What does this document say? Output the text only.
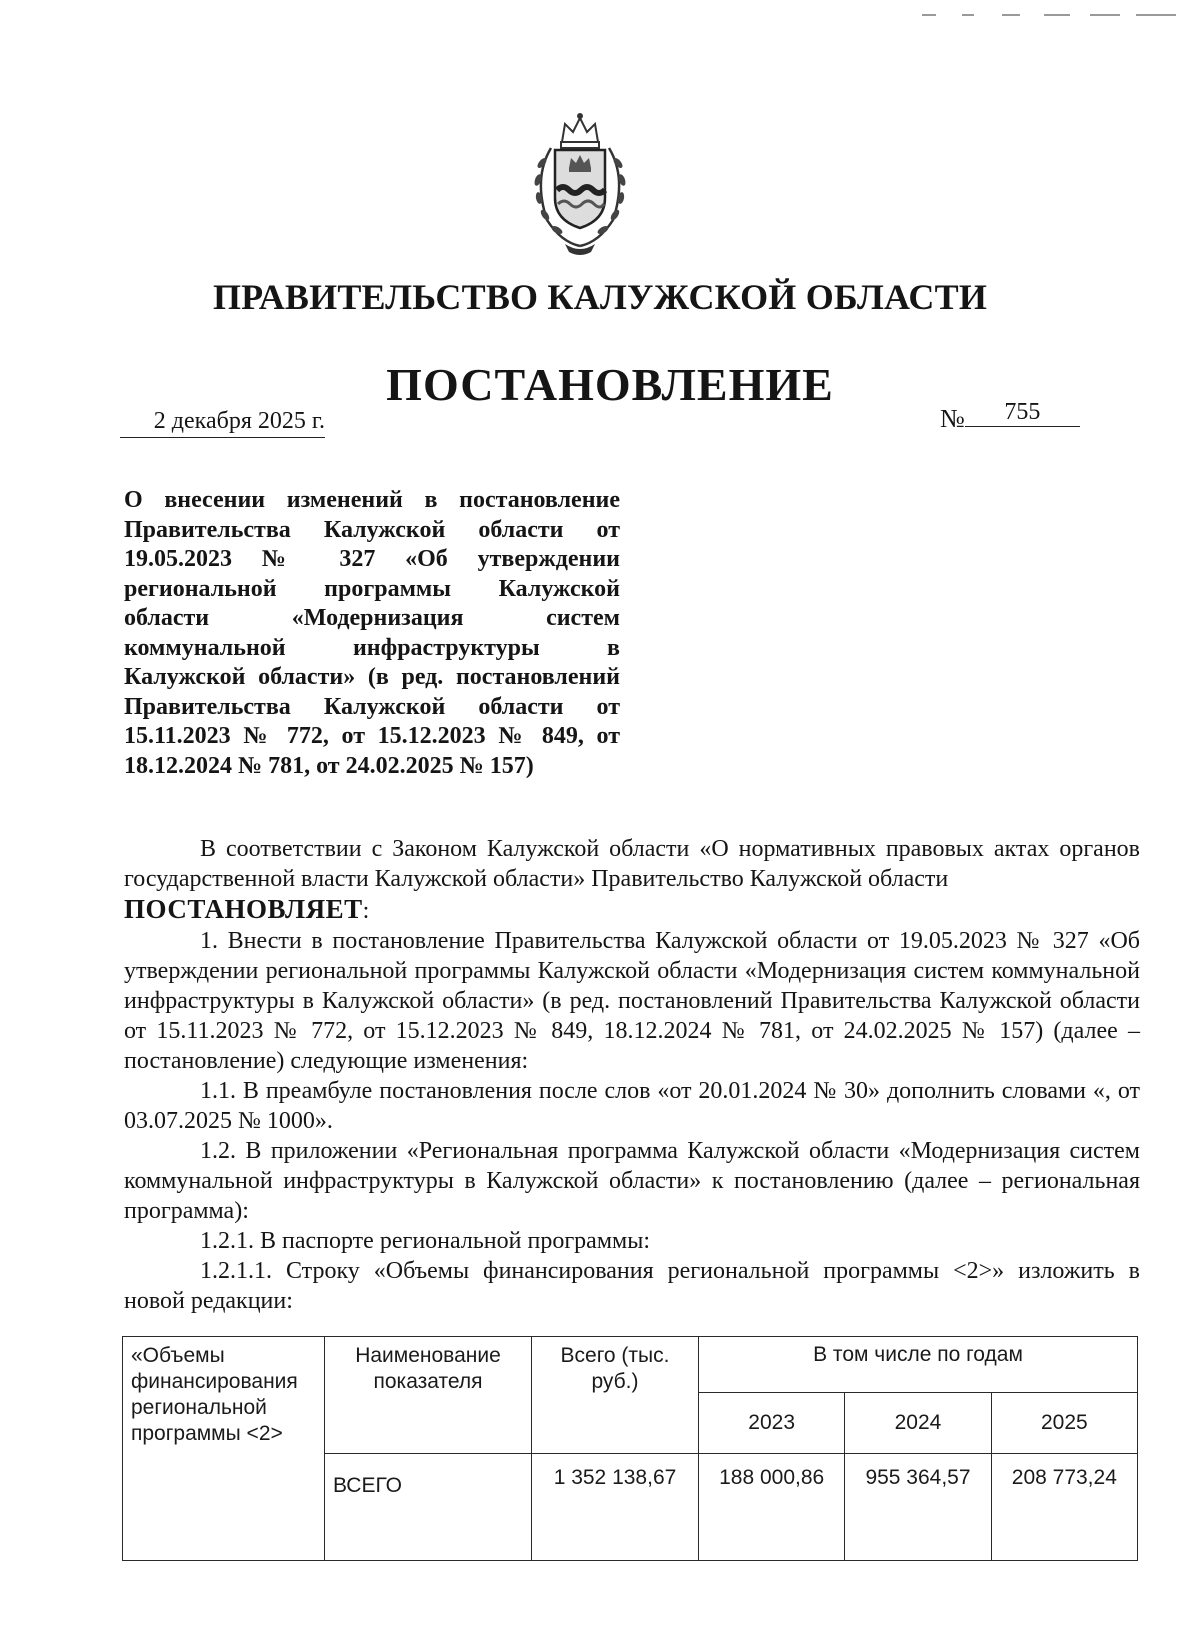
ПРАВИТЕЛЬСТВО КАЛУЖСКОЙ ОБЛАСТИ
ПОСТАНОВЛЕНИЕ
2 декабря 2025 г.	№ 755
О внесении изменений в постановление Правительства Калужской области от 19.05.2023 № 327 «Об утверждении региональной программы Калужской области «Модернизация систем коммунальной инфраструктуры в Калужской области» (в ред. постановлений Правительства Калужской области от 15.11.2023 № 772, от 15.12.2023 № 849, от 18.12.2024 № 781, от 24.02.2025 № 157)

В соответствии с Законом Калужской области «О нормативных правовых актах органов государственной власти Калужской области» Правительство Калужской области

ПОСТАНОВЛЯЕТ:

1. Внести в постановление Правительства Калужской области от 19.05.2023 № 327 «Об утверждении региональной программы Калужской области «Модернизация систем коммунальной инфраструктуры в Калужской области» (в ред. постановлений Правительства Калужской области от 15.11.2023 № 772, от 15.12.2023 № 849, 18.12.2024 № 781, от 24.02.2025 № 157) (далее – постановление) следующие изменения:

1.1. В преамбуле постановления после слов «от 20.01.2024 № 30» дополнить словами «, от 03.07.2025 № 1000».

1.2. В приложении «Региональная программа Калужской области «Модернизация систем коммунальной инфраструктуры в Калужской области» к постановлению (далее – региональная программа):

1.2.1. В паспорте региональной программы:

1.2.1.1. Строку «Объемы финансирования региональной программы <2>» изложить в новой редакции:

«Объемы финансирования региональной программы <2>	Наименование показателя	Всего (тыс. руб.)	В том числе по годам		
			2023	2024	2025
	ВСЕГО	1 352 138,67	188 000,86	955 364,57	208 773,24
